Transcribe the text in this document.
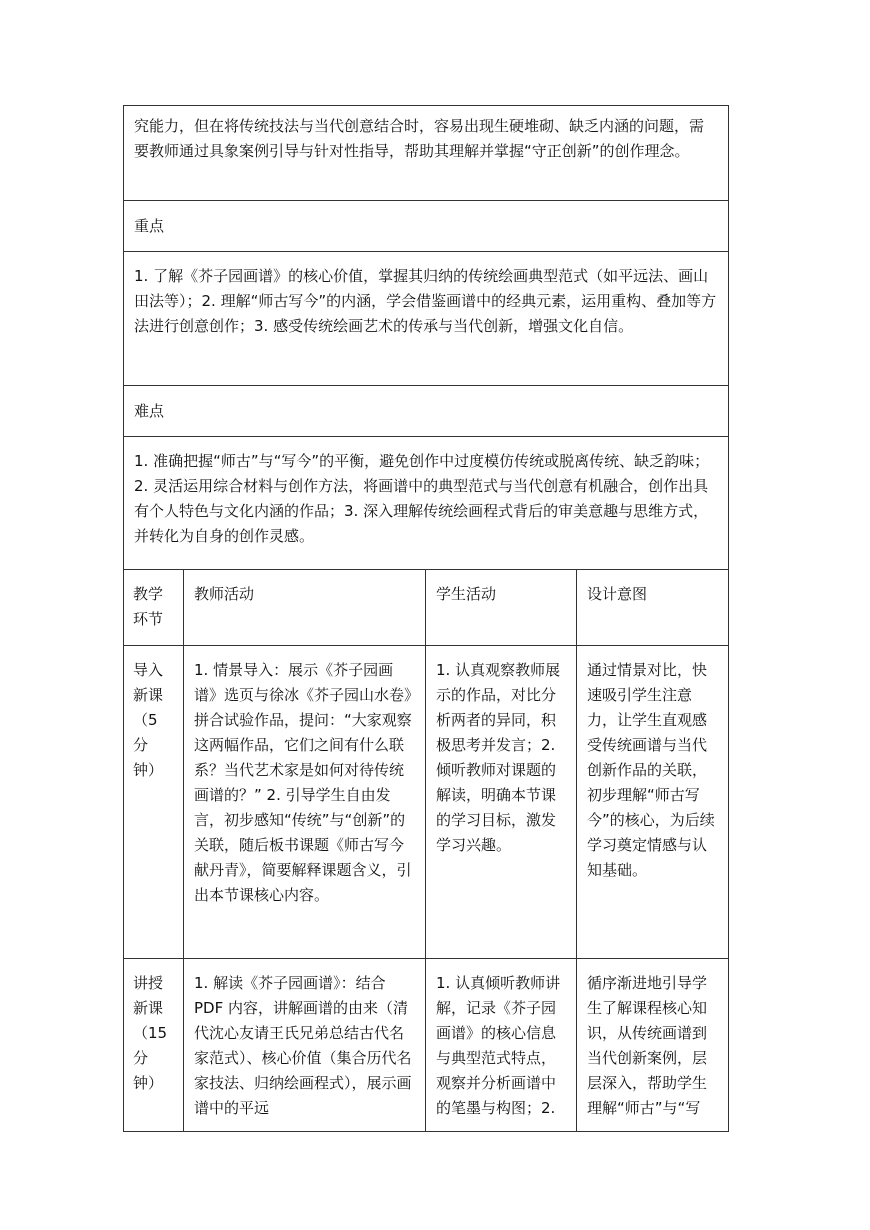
究能力，但在将传统技法与当代创意结合时，容易出现生硬堆砌、缺乏内涵的问题，需要教师通过具象案例引导与针对性指导，帮助其理解并掌握“守正创新”的创作理念。			

重点			

1. 了解《芥子园画谱》的核心价值，掌握其归纳的传统绘画典型范式（如平远法、画山田法等）；2. 理解“师古写今”的内涵，学会借鉴画谱中的经典元素，运用重构、叠加等方法进行创意创作；3. 感受传统绘画艺术的传承与当代创新，增强文化自信。			

难点			

1. 准确把握“师古”与“写今”的平衡，避免创作中过度模仿传统或脱离传统、缺乏韵味；2. 灵活运用综合材料与创作方法，将画谱中的典型范式与当代创意有机融合，创作出具有个人特色与文化内涵的作品；3. 深入理解传统绘画程式背后的审美意趣与思维方式，并转化为自身的创作灵感。			

教学
环节	教师活动	学生活动	设计意图

导入
新课
（5
分
钟）	1. 情景导入：展示《芥子园画谱》选页与徐冰《芥子园山水卷》拼合试验作品，提问：“大家观察这两幅作品，它们之间有什么联系？当代艺术家是如何对待传统画谱的？” 2. 引导学生自由发言，初步感知“传统”与“创新”的关联，随后板书课题《师古写今献丹青》，简要解释课题含义，引出本节课核心内容。	1. 认真观察教师展示的作品，对比分析两者的异同，积极思考并发言；2. 倾听教师对课题的解读，明确本节课的学习目标，激发学习兴趣。	通过情景对比，快速吸引学生注意力，让学生直观感受传统画谱与当代创新作品的关联，初步理解“师古写今”的核心，为后续学习奠定情感与认知基础。

讲授
新课
（15
分
钟）	1. 解读《芥子园画谱》：结合 PDF 内容，讲解画谱的由来（清代沈心友请王氏兄弟总结古代名家范式）、核心价值（集合历代名家技法、归纳绘画程式），展示画谱中的平远	1. 认真倾听教师讲解，记录《芥子园画谱》的核心信息与典型范式特点，观察并分析画谱中的笔墨与构图；2.	循序渐进地引导学生了解课程核心知识，从传统画谱到当代创新案例，层层深入，帮助学生理解“师古”与“写
